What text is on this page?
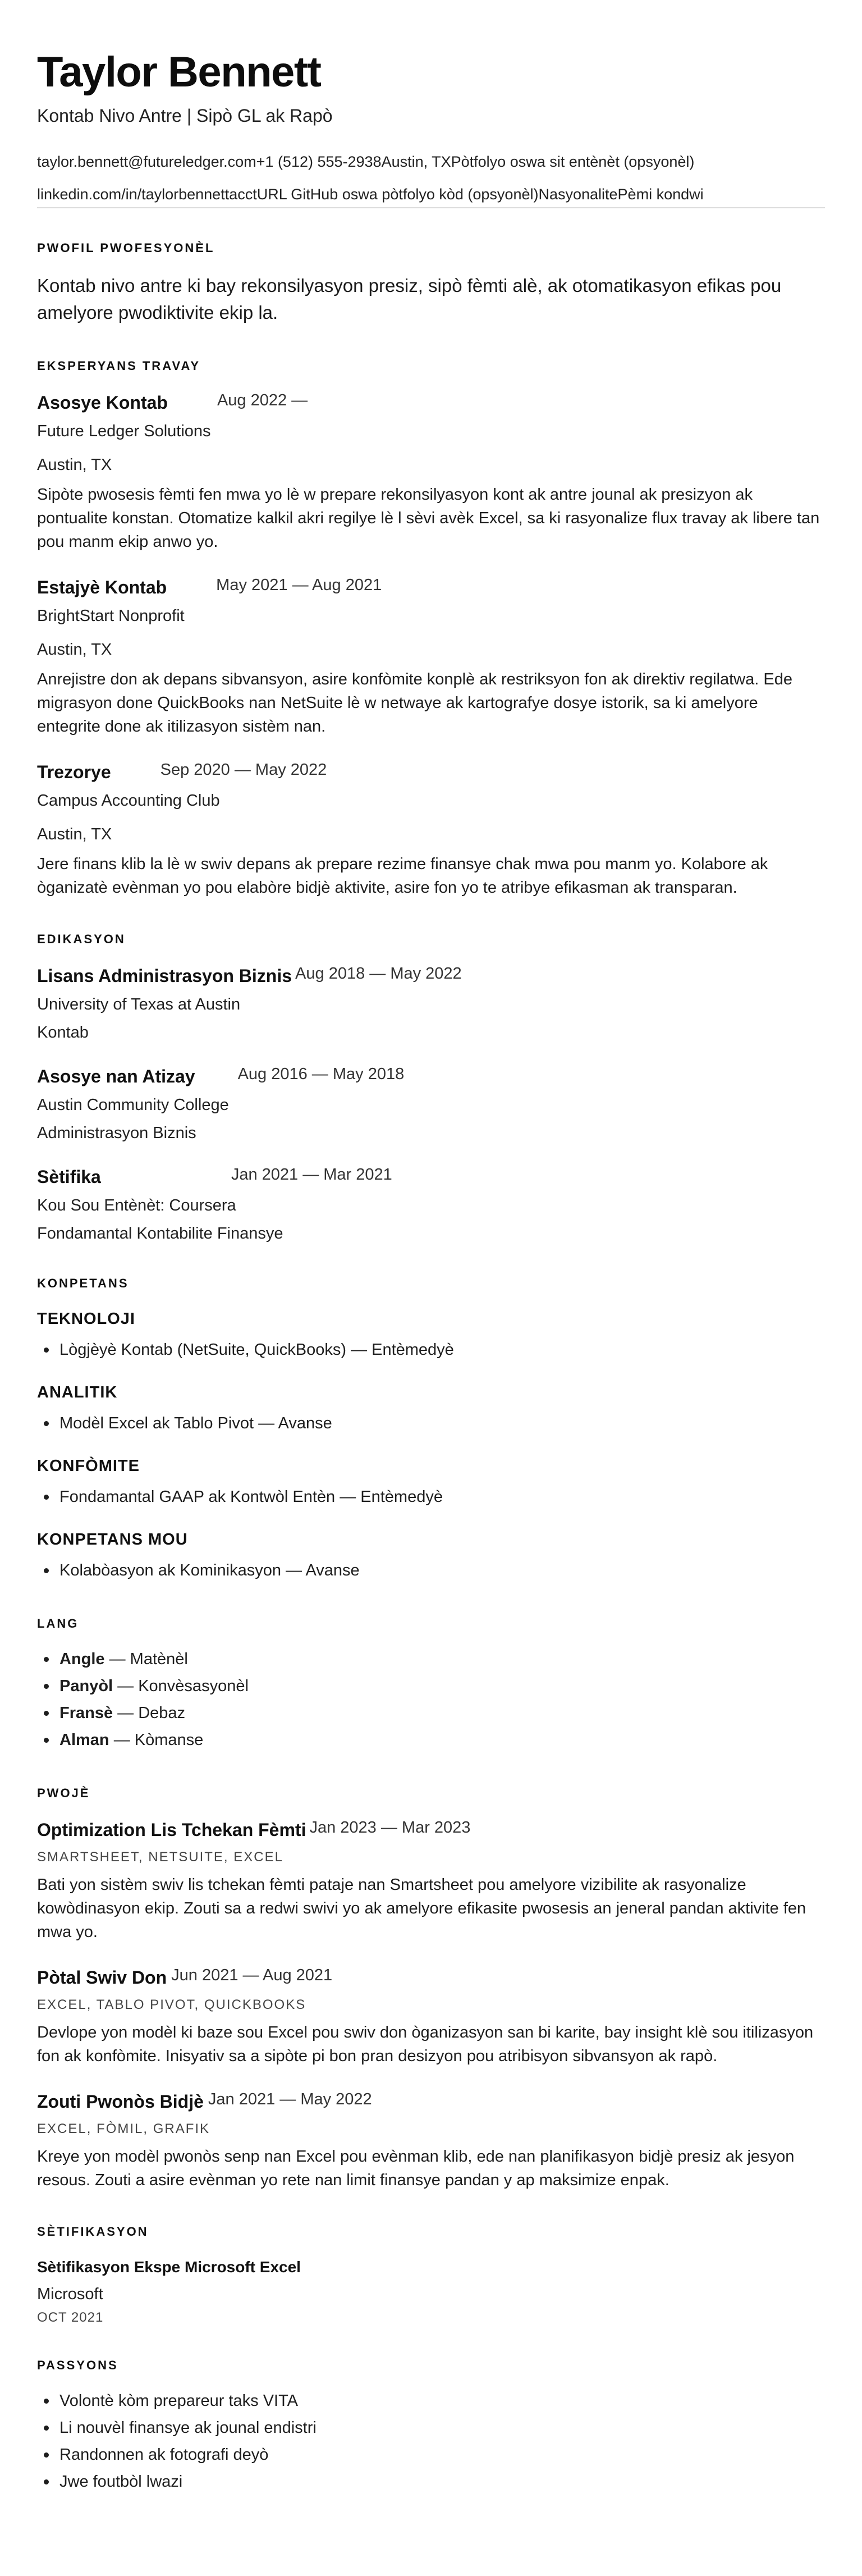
Taylor Bennett
Kontab Nivo Antre | Sipò GL ak Rapò
taylor.bennett@futureledger.com+1 (512) 555-2938Austin, TXPòtfolyo oswa sit entènèt (opsyonèl)
linkedin.com/in/taylorbennettacctURL GitHub oswa pòtfolyo kòd (opsyonèl)NasyonalitePèmi kondwi
PWOFIL PWOFESYONÈL

Kontab nivo antre ki bay rekonsilyasyon presiz, sipò fèmti alè, ak otomatikasyon efikas pou amelyore pwodiktivite ekip la.

EKSPERYANS TRAVAY
Asosye Kontab	Aug 2022 —
Future Ledger Solutions
Austin, TX

Sipòte pwosesis fèmti fen mwa yo lè w prepare rekonsilyasyon kont ak antre jounal ak presizyon ak pontualite konstan. Otomatize kalkil akri regilye lè l sèvi avèk Excel, sa ki rasyonalize flux travay ak libere tan pou manm ekip anwo yo.

Estajyè Kontab	May 2021 — Aug 2021
BrightStart Nonprofit
Austin, TX

Anrejistre don ak depans sibvansyon, asire konfòmite konplè ak restriksyon fon ak direktiv regilatwa. Ede migrasyon done QuickBooks nan NetSuite lè w netwaye ak kartografye dosye istorik, sa ki amelyore entegrite done ak itilizasyon sistèm nan.

Trezorye	Sep 2020 — May 2022
Campus Accounting Club
Austin, TX

Jere finans klib la lè w swiv depans ak prepare rezime finansye chak mwa pou manm yo. Kolabore ak òganizatè evènman yo pou elabòre bidjè aktivite, asire fon yo te atribye efikasman ak transparan.

EDIKASYON
Lisans Administrasyon Biznis Aug 2018 — May 2022
University of Texas at Austin
Kontab
Asosye nan Atizay	Aug 2016 — May 2018
Austin Community College
Administrasyon Biznis
Sètifika	Jan 2021 — Mar 2021
Kou Sou Entènèt: Coursera
Fondamantal Kontabilite Finansye
KONPETANS
TEKNOLOJI
Lògjèyè Kontab (NetSuite, QuickBooks) — Entèmedyè
ANALITIK
Modèl Excel ak Tablo Pivot — Avanse
KONFÒMITE
Fondamantal GAAP ak Kontwòl Entèn — Entèmedyè
KONPETANS MOU
Kolabòasyon ak Kominikasyon — Avanse
LANG
Angle — Matènèl
Panyòl — Konvèsasyonèl
Fransè — Debaz
Alman — Kòmanse
PWOJÈ
Optimization Lis Tchekan Fèmti Jan 2023 — Mar 2023
SMARTSHEET, NETSUITE, EXCEL

Bati yon sistèm swiv lis tchekan fèmti pataje nan Smartsheet pou amelyore vizibilite ak rasyonalize kowòdinasyon ekip. Zouti sa a redwi swivi yo ak amelyore efikasite pwosesis an jeneral pandan aktivite fen mwa yo.

Pòtal Swiv Don Jun 2021 — Aug 2021
EXCEL, TABLO PIVOT, QUICKBOOKS

Devlope yon modèl ki baze sou Excel pou swiv don òganizasyon san bi karite, bay insight klè sou itilizasyon fon ak konfòmite. Inisyativ sa a sipòte pi bon pran desizyon pou atribisyon sibvansyon ak rapò.

Zouti Pwonòs Bidjè Jan 2021 — May 2022
EXCEL, FÒMIL, GRAFIK

Kreye yon modèl pwonòs senp nan Excel pou evènman klib, ede nan planifikasyon bidjè presiz ak jesyon resous. Zouti a asire evènman yo rete nan limit finansye pandan y ap maksimize enpak.

SÈTIFIKASYON
Sètifikasyon Ekspe Microsoft Excel
Microsoft
OCT 2021
PASSYONS
Volontè kòm prepareur taks VITA
Li nouvèl finansye ak jounal endistri
Randonnen ak fotografi deyò
Jwe foutbòl lwazi
